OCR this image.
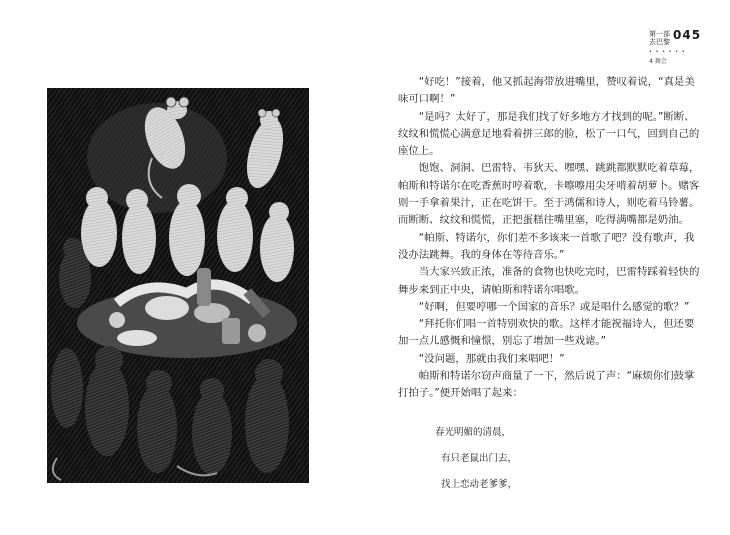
第一部
去巴黎 045
• • • • • •
4 舞会

“好吃！”接着，他又抓起海带放进嘴里，赞叹着说，“真是美味可口啊！”

“是吗？太好了，那是我们找了好多地方才找到的呢。”断断、纹纹和慌慌心满意足地看着拼三郎的脸，松了一口气，回到自己的座位上。

饱饱、洞洞、巴雷特、韦狄天、嘿嘿、跳跳都默默吃着草莓，帕斯和特诺尔在吃香蕉时哼着歌，卡嚓嚓用尖牙啃着胡萝卜。赌客则一手拿着果汁，正在吃饼干。至于鸿儒和诗人，则吃着马铃薯。而断断、纹纹和慌慌，正把蛋糕往嘴里塞，吃得满嘴都是奶油。

“帕斯、特诺尔，你们差不多该来一首歌了吧？没有歌声，我没办法跳舞。我的身体在等待音乐。”

当大家兴致正浓，准备的食物也快吃完时，巴雷特踩着轻快的舞步来到正中央，请帕斯和特诺尔唱歌。

“好啊，但要哼哪一个国家的音乐？或是唱什么感觉的歌？”

“拜托你们唱一首特别欢快的歌。这样才能祝福诗人，但还要加一点儿感慨和憧憬，别忘了增加一些戏谑。”

“没问题，那就由我们来唱吧！”

帕斯和特诺尔窃声商量了一下，然后说了声：“麻烦你们鼓掌打拍子。”便开始唱了起来：

春光明媚的清晨，

有只老鼠出门去，

找上恋动老爹爹，
